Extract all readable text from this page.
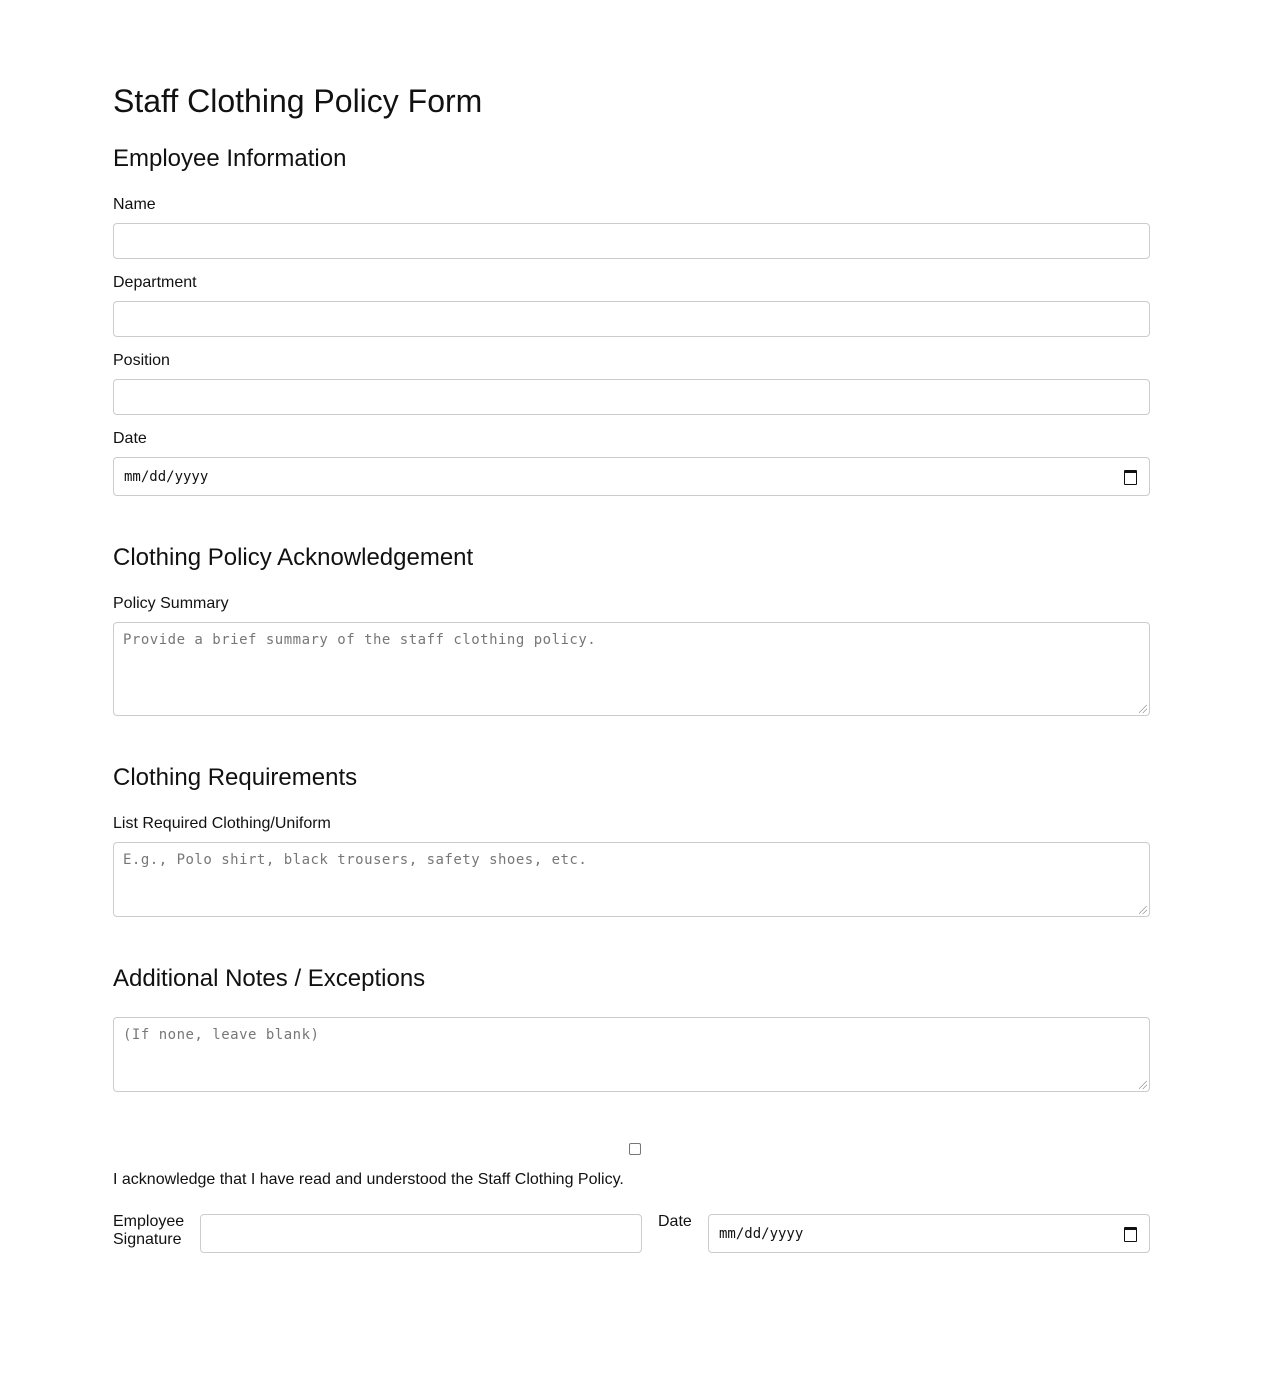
Staff Clothing Policy Form
Employee Information
Name
Department
Position
Date
mm/dd/yyyy
Clothing Policy Acknowledgement
Policy Summary
Provide a brief summary of the staff clothing policy.
Clothing Requirements
List Required Clothing/Uniform
E.g., Polo shirt, black trousers, safety shoes, etc.
Additional Notes / Exceptions
(If none, leave blank)
I acknowledge that I have read and understood the Staff Clothing Policy.
Employee
Signature
Date
mm/dd/yyyy
